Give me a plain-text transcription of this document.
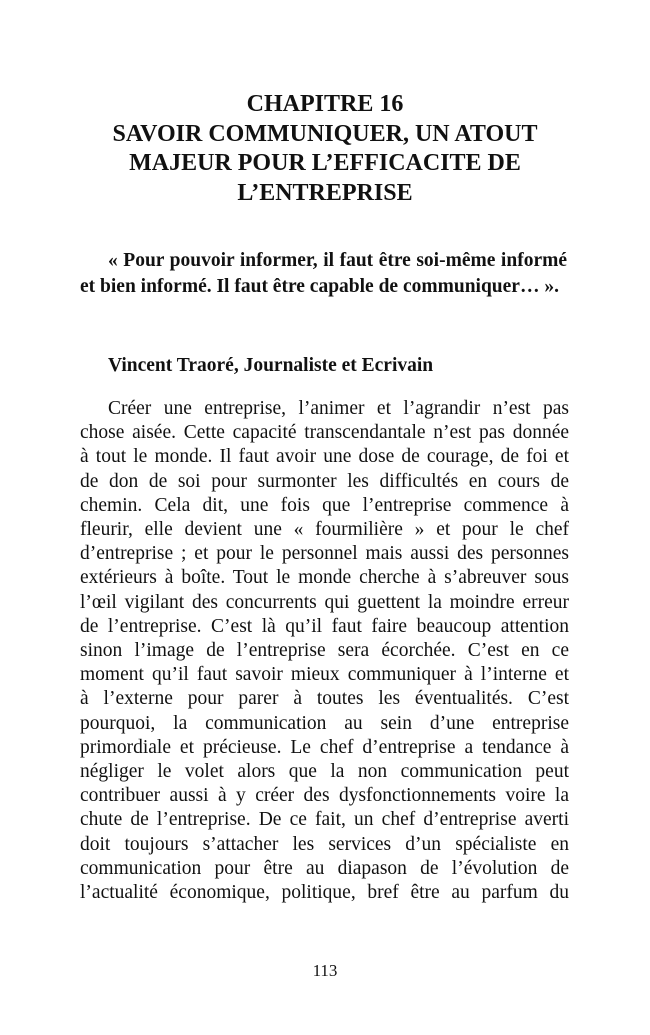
CHAPITRE 16
SAVOIR COMMUNIQUER, UN ATOUT
MAJEUR POUR L’EFFICACITE DE
L’ENTREPRISE

« Pour pouvoir informer, il faut être soi-même informé et bien informé. Il faut être capable de communiquer… ».

Vincent Traoré, Journaliste et Ecrivain

Créer une entreprise, l’animer et l’agrandir n’est pas
chose aisée. Cette capacité transcendantale n’est pas donnée
à tout le monde. Il faut avoir une dose de courage, de foi et
de don de soi pour surmonter les difficultés en cours de
chemin. Cela dit, une fois que l’entreprise commence à
fleurir, elle devient une « fourmilière » et pour le chef
d’entreprise ; et pour le personnel mais aussi des personnes
extérieurs à boîte. Tout le monde cherche à s’abreuver sous
l’œil vigilant des concurrents qui guettent la moindre erreur
de l’entreprise. C’est là qu’il faut faire beaucoup attention
sinon l’image de l’entreprise sera écorchée. C’est en ce
moment qu’il faut savoir mieux communiquer à l’interne et
à l’externe pour parer à toutes les éventualités. C’est
pourquoi, la communication au sein d’une entreprise
primordiale et précieuse. Le chef d’entreprise a tendance à
négliger le volet alors que la non communication peut
contribuer aussi à y créer des dysfonctionnements voire la
chute de l’entreprise. De ce fait, un chef d’entreprise averti
doit toujours s’attacher les services d’un spécialiste en
communication pour être au diapason de l’évolution de
l’actualité économique, politique, bref être au parfum du

113
